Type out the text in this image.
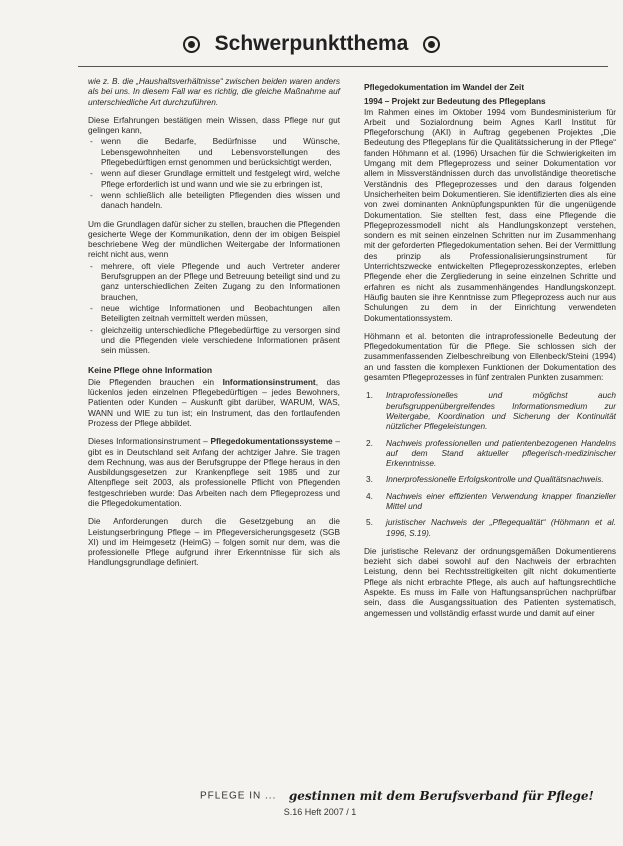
Schwerpunktthema

wie z. B. die „Haushaltsverhältnisse“ zwischen beiden waren anders als bei uns. In diesem Fall war es richtig, die gleiche Maßnahme auf unterschiedliche Art durchzuführen.

Diese Erfahrungen bestätigen mein Wissen, dass Pflege nur gut gelingen kann,

- wenn die Bedarfe, Bedürfnisse und Wünsche, Lebensgewohnheiten und Lebensvorstellungen des Pflegebedürftigen ernst genommen und berücksichtigt werden,
- wenn auf dieser Grundlage ermittelt und festgelegt wird, welche Pflege erforderlich ist und wann und wie sie zu erbringen ist,
- wenn schließlich alle beteiligten Pflegenden dies wissen und danach handeln.

Um die Grundlagen dafür sicher zu stellen, brauchen die Pflegenden gesicherte Wege der Kommunikation, denn der im obigen Beispiel beschriebene Weg der mündlichen Weitergabe der Informationen reicht nicht aus, wenn

- mehrere, oft viele Pflegende und auch Vertreter anderer Berufsgruppen an der Pflege und Betreuung beteiligt sind und zu ganz unterschiedlichen Zeiten Zugang zu den Informationen brauchen,
- neue wichtige Informationen und Beobachtungen allen Beteiligten zeitnah vermittelt werden müssen,
- gleichzeitig unterschiedliche Pflegebedürftige zu versorgen sind und die Pflegenden viele verschiedene Informationen präsent sein müssen.
Keine Pflege ohne Information

Die Pflegenden brauchen ein Informationsinstrument, das lückenlos jeden einzelnen Pflegebedürftigen – jedes Bewohners, Patienten oder Kunden – Auskunft gibt darüber, WARUM, WAS, WANN und WIE zu tun ist; ein Instrument, das den fortlaufenden Prozess der Pflege abbildet.

Dieses Informationsinstrument – Pflegedokumentationssysteme – gibt es in Deutschland seit Anfang der achtziger Jahre. Sie tragen dem Rechnung, was aus der Berufsgruppe der Pflege heraus in den Ausbildungsgesetzen zur Krankenpflege seit 1985 und zur Altenpflege seit 2003, als professionelle Pflicht von Pflegenden festgeschrieben wurde: Das Arbeiten nach dem Pflegeprozess und die Pflegedokumentation.

Die Anforderungen durch die Gesetzgebung an die Leistungserbringung Pflege – im Pflegeversicherungsgesetz (SGB XI) und im Heimgesetz (HeimG) – folgen somit nur dem, was die professionelle Pflege aufgrund ihrer Erkenntnisse für sich als Handlungsgrundlage definiert.

Pflegedokumentation im Wandel der Zeit
1994 – Projekt zur Bedeutung des Pflegeplans

Im Rahmen eines im Oktober 1994 vom Bundesministerium für Arbeit und Sozialordnung beim Agnes Karll Institut für Pflegeforschung (AKI) in Auftrag gegebenen Projektes „Die Bedeutung des Pflegeplans für die Qualitätssicherung in der Pflege“ fanden Höhmann et al. (1996) Ursachen für die Schwierigkeiten im Umgang mit dem Pflegeprozess und seiner Dokumentation vor allem in Missverständnissen durch das unvollständige theoretische Verständnis des Pflegeprozesses und den daraus folgenden Unsicherheiten beim Dokumentieren. Sie identifizierten dies als eine von zwei dominanten Anknüpfungspunkten für die ungenügende Dokumentation. Sie stellten fest, dass eine Pflegende die Pflegeprozessmodell nicht als Handlungskonzept verstehen, sondern es mit seinen einzelnen Schritten nur im Zusammenhang mit der geforderten Pflegedokumentation sehen. Bei der Vermittlung des prinzip als Professionalisierungsinstrument für Unterrichtszwecke entwickelten Pflegeprozesskonzeptes, erleben Pflegende eher die Zergliederung in seine einzelnen Schritte und erfahren es nicht als zusammenhängendes Handlungskonzept. Häufig bauten sie ihre Kenntnisse zum Pflegeprozess auch nur aus Schulungen zu dem in der Einrichtung verwendeten Dokumentationssystem.

Höhmann et al. betonten die intraprofessionelle Bedeutung der Pflegedokumentation für die Pflege. Sie schlossen sich der zusammenfassenden Zielbeschreibung von Ellenbeck/Steini (1994) an und fassten die komplexen Funktionen der Dokumentation des gesamten Pflegeprozesses in fünf zentralen Punkten zusammen:

1. Intraprofessionelles und möglichst auch berufsgruppenübergreifendes Informationsmedium zur Weitergabe, Koordination und Sicherung der Kontinuität nützlicher Pflegeleistungen.
2. Nachweis professionellen und patientenbezogenen Handelns auf dem Stand aktueller pflegerisch-medizinischer Erkenntnisse.
3. Innerprofessionelle Erfolgskontrolle und Qualitätsnachweis.
4. Nachweis einer effizienten Verwendung knapper finanzieller Mittel und
5. juristischer Nachweis der „Pflegequalität“ (Höhmann et al. 1996, S.19).

Die juristische Relevanz der ordnungsgemäßen Dokumentierens bezieht sich dabei sowohl auf den Nachweis der erbrachten Leistung, denn bei Rechtsstreitigkeiten gilt nicht dokumentierte Pflege als nicht erbrachte Pflege, als auch auf haftungsrechtliche Aspekte. Es muss im Falle von Haftungsansprüchen nachprüfbar sein, dass die Ausgangssituation des Patienten systematisch, angemessen und vollständig erfasst wurde und damit auf einer

PFLEGE IN ... gestinnen mit dem Berufsverband für Pflege!
S.16 Heft 2007 / 1
